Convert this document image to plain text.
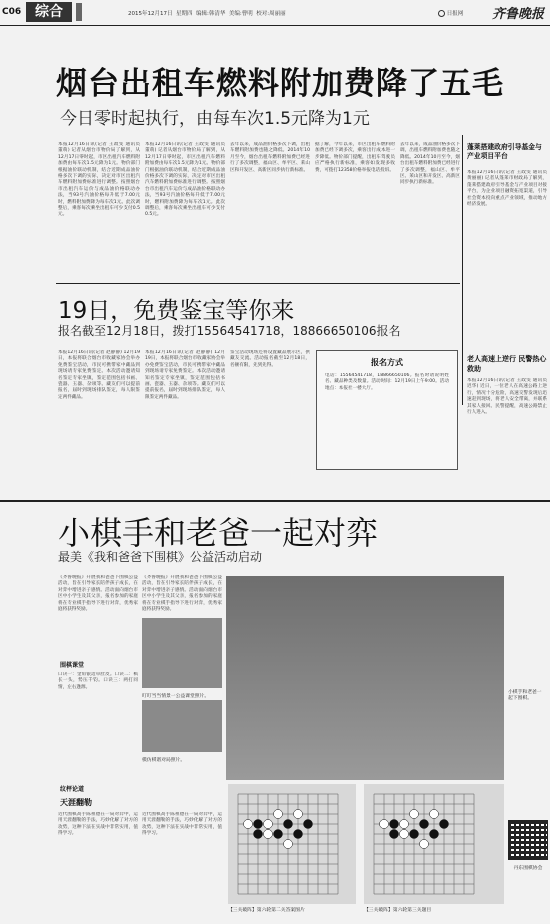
C06 综合	2015年12月17日 星期四 编辑:韩清华 美编:曹明 校对:周丽丽	日报网 齐鲁晚报
烟台出租车燃料附加费降了五毛
今日零时起执行，由每车次1.5元降为1元
本报12月16日讯(记者 王政雯 通讯员 董萌) 记者从烟台市物价局了解到，从12月17日零时起，市区出租汽车燃料附加费由每车次1.5元降为1元。物价部门根据油价联动机制，结合近期成品油价格多次下调的实际，决定对市区出租汽车燃料附加费标准进行调整。按照烟台市出租汽车运价与成品油价格联动办法，当93号汽油价格每升低于7.00元时，燃料附加费降为每车次1元。此次调整后，乘客每次乘坐出租车可少支付0.5元。
本报12月16日讯(记者 王政雯 通讯员 董萌) 记者从烟台市物价局了解到，从12月17日零时起，市区出租汽车燃料附加费由每车次1.5元降为1元。物价部门根据油价联动机制，结合近期成品油价格多次下调的实际，决定对市区出租汽车燃料附加费标准进行调整。按照烟台市出租汽车运价与成品油价格联动办法，当93号汽油价格每升低于7.00元时，燃料附加费降为每车次1元。此次调整后，乘客每次乘坐出租车可少支付0.5元。
去年以来，成品油价格多次下调，出租车燃料附加费也随之降低。2014年10月至今，烟台出租车燃料附加费已经进行了多次调整，福山区、牟平区、莱山区和开发区、高新区同步执行新标准。
据了解，今年以来，市区出租车燃料附加费已经下调多次，乘客出行成本进一步降低。物价部门提醒，出租车驾驶员应严格执行新标准，乘客如发现多收费，可拨打12358价格举报电话投诉。
去年以来，成品油价格多次下调，出租车燃料附加费也随之降低。2014年10月至今，烟台出租车燃料附加费已经进行了多次调整，福山区、牟平区、莱山区和开发区、高新区同步执行新标准。
蓬莱搭建政府引导基金与产业项目平台
本报12月16日讯(记者 王政雯 通讯员 黄丽丽) 记者从蓬莱市财政局了解到，蓬莱搭建政府引导基金与产业项目对接平台，为企业项目融资拓宽渠道，引导社会资本投向重点产业领域，推动地方经济发展。
19日，免费鉴宝等你来
报名截至12月18日，拨打15564541718，18866650106报名
本报12月16日讯(记者 赵静静) 12月19日，本报将联合烟台市收藏家协会举办免费鉴宝活动，市民可携带家中藏品到现场请专家免费鉴定。本次活动邀请知名鉴定专家坐镇，鉴定范围包括书画、瓷器、玉器、杂项等。藏友们可以提前报名，届时到现场排队鉴定，每人限鉴定两件藏品。
本报12月16日讯(记者 赵静静) 12月19日，本报将联合烟台市收藏家协会举办免费鉴宝活动，市民可携带家中藏品到现场请专家免费鉴定。本次活动邀请知名鉴定专家坐镇，鉴定范围包括书画、瓷器、玉器、杂项等。藏友们可以提前报名，届时到现场排队鉴定，每人限鉴定两件藏品。
鉴宝活动现场还将设置藏品展示区，供藏友交流。活动报名截至12月18日，名额有限，先到先得。	报名方式
电话：15564541718，18866650106。报名时请说明姓名、藏品种类及数量。活动时间：12月19日上午9:00。活动地点：本报社一楼大厅。
老人高速上逆行 民警热心救助
本报12月16日讯(记者 王政雯 通讯员 迟华) 近日，一位老人在高速公路上逆行，情况十分危险，高速交警发现后迅速赶到现场，将老人安全带离，并联系其家人接回。民警提醒，高速公路禁止行人进入。
小棋手和老爸一起对弈
最美《我和爸爸下围棋》公益活动启动
《齐鲁晚报》开展我和爸爸下围棋公益活动，旨在引导家长陪伴孩子成长，在对弈中增进亲子感情。活动面向烟台市区中小学生及其父亲，报名参加的家庭将在专业棋手指导下进行对弈，优秀家庭将获得奖励。
《齐鲁晚报》开展我和爸爸下围棋公益活动，旨在引导家长陪伴孩子成长，在对弈中增进亲子感情。活动面向烟台市区中小学生及其父亲，报名参加的家庭将在专业棋手指导下进行对弈，优秀家庭将获得奖励。
围棋课堂
口诀一：金角银边草肚皮。口诀二：棋长一头，势压千钧。口诀三：两打同情，左右逢源。
叮叮当当情景一公益课堂照片。
模仿棋谱对局照片。
小棋手和老爸一起下围棋。
纹枰论道
天涯翻勒
近代围棋高手陈祖德在一局对弈中，运用天涯翻勒的手法，巧妙化解了对方的攻势，这种下法在实战中非常实用，值得学习。
近代围棋高手陈祖德在一局对弈中，运用天涯翻勒的手法，巧妙化解了对方的攻势，这种下法在实战中非常实用，值得学习。
【三关破阵】第六轮第二关答案图片	【三关破阵】第六轮第三关题目
丹东围棋协会
